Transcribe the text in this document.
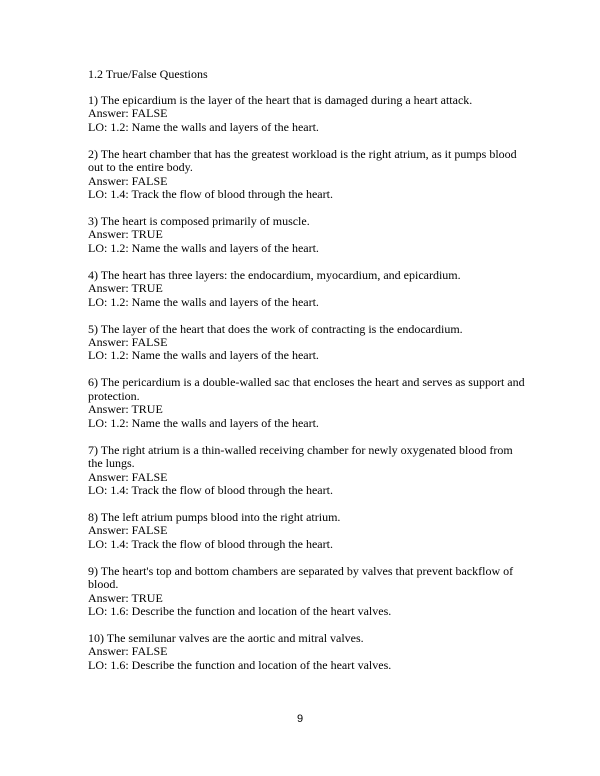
1.2 True/False Questions
1) The epicardium is the layer of the heart that is damaged during a heart attack.
Answer: FALSE
LO: 1.2: Name the walls and layers of the heart.
2) The heart chamber that has the greatest workload is the right atrium, as it pumps blood out to the entire body.
Answer: FALSE
LO: 1.4: Track the flow of blood through the heart.
3) The heart is composed primarily of muscle.
Answer: TRUE
LO: 1.2: Name the walls and layers of the heart.
4) The heart has three layers: the endocardium, myocardium, and epicardium.
Answer: TRUE
LO: 1.2: Name the walls and layers of the heart.
5) The layer of the heart that does the work of contracting is the endocardium.
Answer: FALSE
LO: 1.2: Name the walls and layers of the heart.
6) The pericardium is a double-walled sac that encloses the heart and serves as support and protection.
Answer: TRUE
LO: 1.2: Name the walls and layers of the heart.
7) The right atrium is a thin-walled receiving chamber for newly oxygenated blood from the lungs.
Answer: FALSE
LO: 1.4: Track the flow of blood through the heart.
8) The left atrium pumps blood into the right atrium.
Answer: FALSE
LO: 1.4: Track the flow of blood through the heart.
9) The heart's top and bottom chambers are separated by valves that prevent backflow of blood.
Answer: TRUE
LO: 1.6: Describe the function and location of the heart valves.
10) The semilunar valves are the aortic and mitral valves.
Answer: FALSE
LO: 1.6: Describe the function and location of the heart valves.
9
